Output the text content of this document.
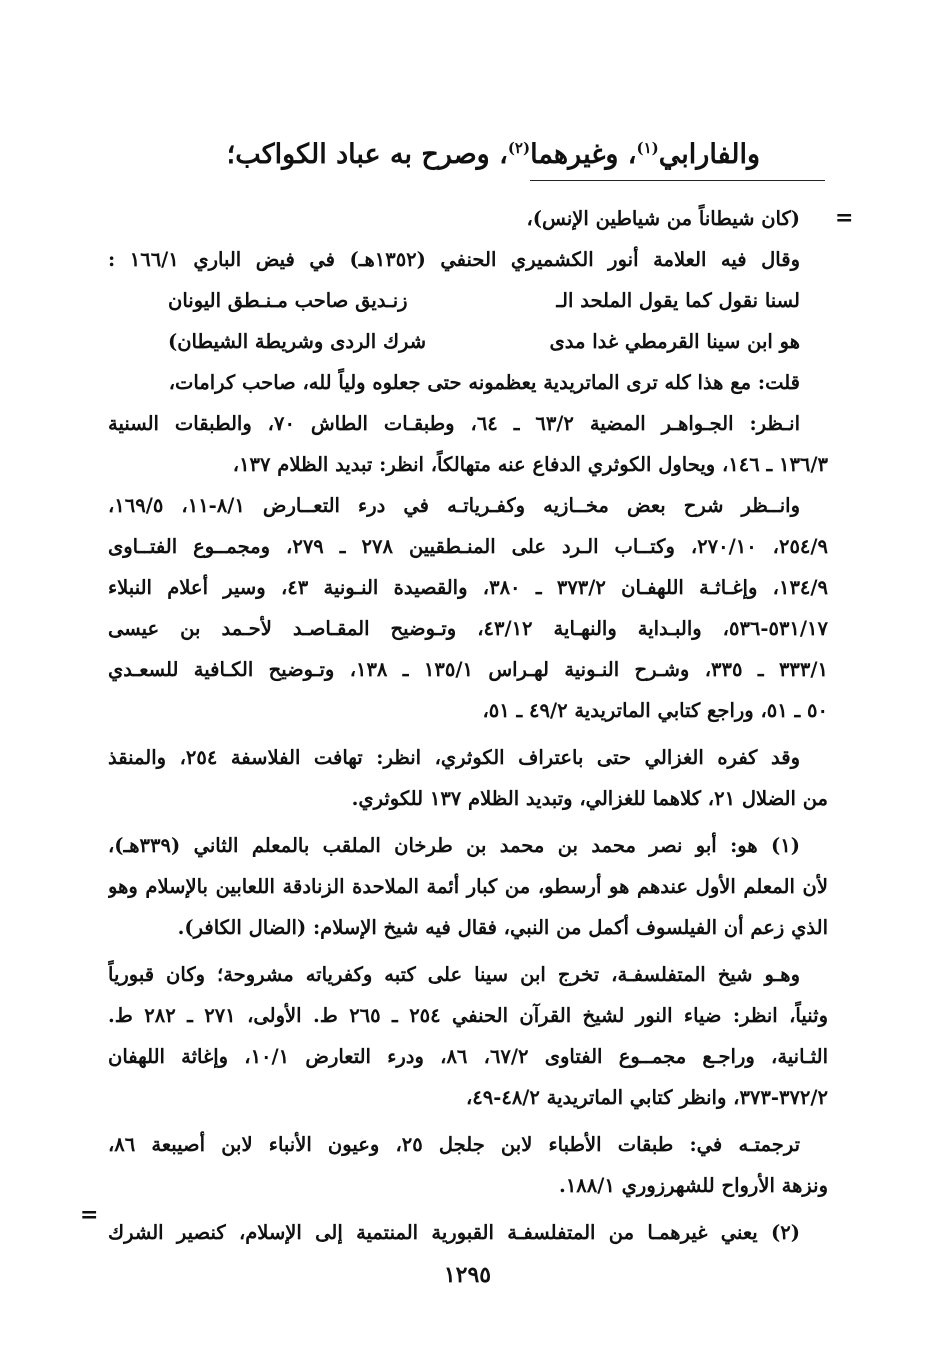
والفارابي$^{(١)}$، وغيرهما$^{(٢)}$، وصرح به عباد الكواكب؛
=
(كان شيطاناً من شياطين الإنس)،
وقال فيه العلامة أنور الكشميري الحنفي (١٣٥٢هـ) في فيض الباري ١٦٦/١ :
لسنا نقول كما يقول الملحد الـ
زنـديق صاحب مـنـطق اليونان
هو ابن سينا القرمطي غدا مدى
شرك الردى وشريطة الشيطان)
قلت: مع هذا كله ترى الماتريدية يعظمونه حتى جعلوه ولياً لله، صاحب كرامات،
انـظر: الجـواهـر المضية ٦٣/٢ ـ ٦٤، وطبقـات الطاش ٧٠، والطبقات السنية
١٣٦/٣ ـ ١٤٦، ويحاول الكوثري الدفاع عنه متهالكاً، انظر: تبديد الظلام ١٣٧،
وانــظر شرح بعض مخــازيه وكفـرياتـه في درء التعــارض ٨/١-١١، ١٦٩/٥،
٢٥٤/٩، ٢٧٠/١٠، وكتــاب الـرد على المنـطقيين ٢٧٨ ـ ٢٧٩، ومجمــوع الفتــاوى
١٣٤/٩، وإغـاثـة اللهفـان ٣٧٣/٢ ـ ٣٨٠، والقصيدة النـونية ٤٣، وسير أعلام النبلاء
٥٣١/١٧-٥٣٦، والبـداية والنهـاية ٤٣/١٢، وتـوضيح المقـاصـد لأحـمد بن عيسى
٣٣٣/١ ـ ٣٣٥، وشـرح النـونية لهـراس ١٣٥/١ ـ ١٣٨، وتـوضيح الكـافية للسعـدي
٥٠ ـ ٥١، وراجع كتابي الماتريدية ٤٩/٢ ـ ٥١،
وقد كفره الغزالي حتى باعتراف الكوثري، انظر: تهافت الفلاسفة ٢٥٤، والمنقذ
من الضلال ٢١، كلاهما للغزالي، وتبديد الظلام ١٣٧ للكوثري.
(١) هو: أبو نصر محمد بن محمد بن طرخان الملقب بالمعلم الثاني (٣٣٩هـ)،
لأن المعلم الأول عندهم هو أرسطو، من كبار أئمة الملاحدة الزنادقة اللعابين بالإسلام وهو
الذي زعم أن الفيلسوف أكمل من النبي، فقال فيه شيخ الإسلام: (الضال الكافر).
وهـو شيخ المتفلسفـة، تخرج ابن سينا على كتبه وكفرياته مشروحة؛ وكان قبورياً
وثنياً، انظر: ضياء النور لشيخ القرآن الحنفي ٢٥٤ ـ ٢٦٥ ط. الأولى، ٢٧١ ـ ٢٨٢ ط.
الثـانية، وراجـع مجمــوع الفتاوى ٦٧/٢، ٨٦، ودرء التعارض ١٠/١، وإغاثة اللهفان
٣٧٢/٢-٣٧٣، وانظر كتابي الماتريدية ٤٨/٢-٤٩،
ترجمتـه في: طبقات الأطباء لابن جلجل ٢٥، وعيون الأنباء لابن أصيبعة ٨٦،
ونزهة الأرواح للشهرزوري ١٨٨/١.
(٢) يعني غيرهمـا من المتفلسفـة القبورية المنتمية إلى الإسلام، كنصير الشرك
=
١٢٩٥
